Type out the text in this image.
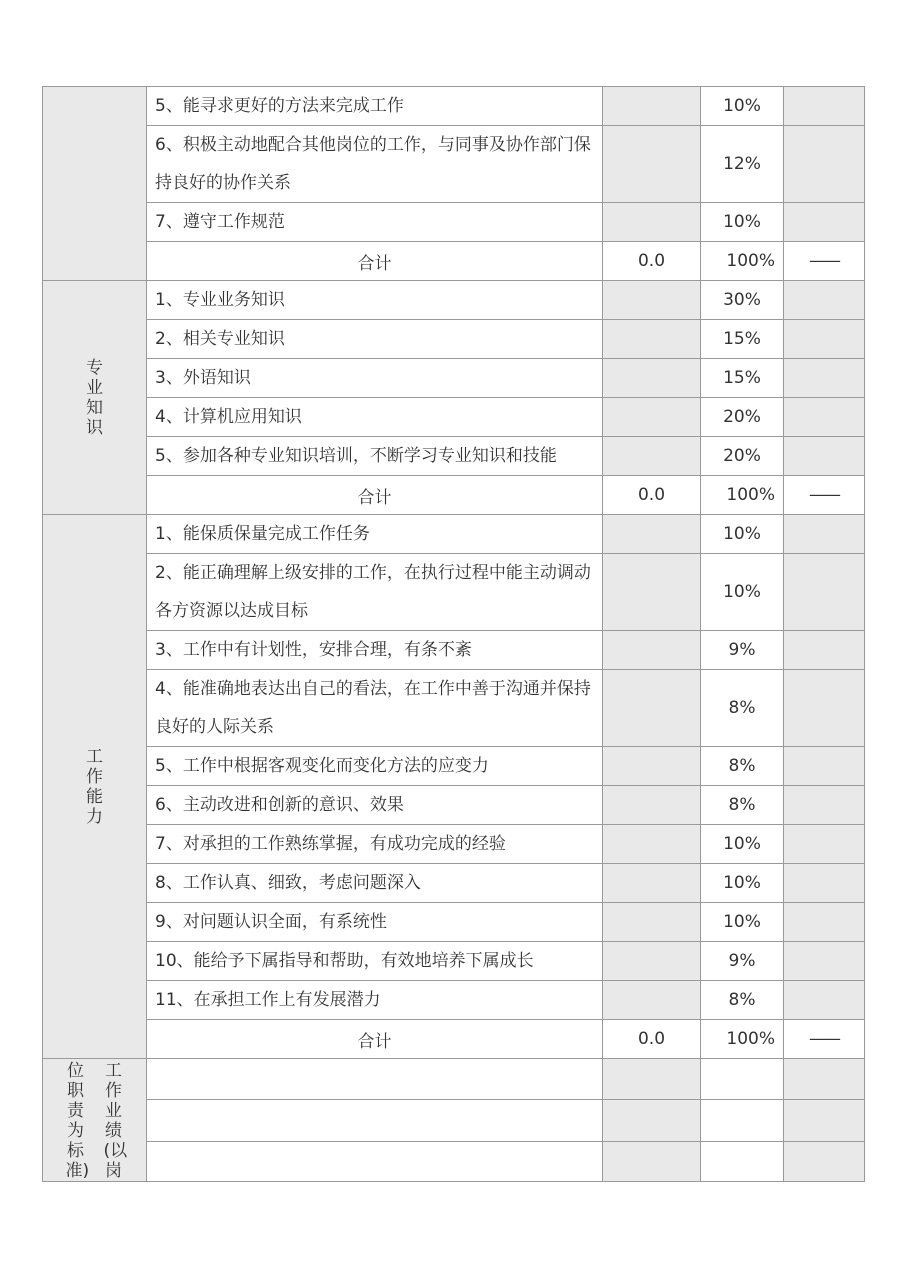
	5、能寻求更好的方法来完成工作		10%	
	6、积极主动地配合其他岗位的工作，与同事及协作部门保持良好的协作关系		12%	
	7、遵守工作规范		10%	
	合计	0.0	100%	——
专业知识	1、专业业务知识		30%	
	2、相关专业知识		15%	
	3、外语知识		15%	
	4、计算机应用知识		20%	
	5、参加各种专业知识培训，不断学习专业知识和技能		20%	
	合计	0.0	100%	——
工作能力	1、能保质保量完成工作任务		10%	
	2、能正确理解上级安排的工作，在执行过程中能主动调动各方资源以达成目标		10%	
	3、工作中有计划性，安排合理，有条不紊		9%	
	4、能准确地表达出自己的看法，在工作中善于沟通并保持良好的人际关系		8%	
	5、工作中根据客观变化而变化方法的应变力		8%	
	6、主动改进和创新的意识、效果		8%	
	7、对承担的工作熟练掌握，有成功完成的经验		10%	
	8、工作认真、细致，考虑问题深入		10%	
	9、对问题认识全面，有系统性		10%	
	10、能给予下属指导和帮助，有效地培养下属成长		9%	
	11、在承担工作上有发展潜力		8%	
	合计	0.0	100%	——

工作业绩(以岗
位职责为标准)				
